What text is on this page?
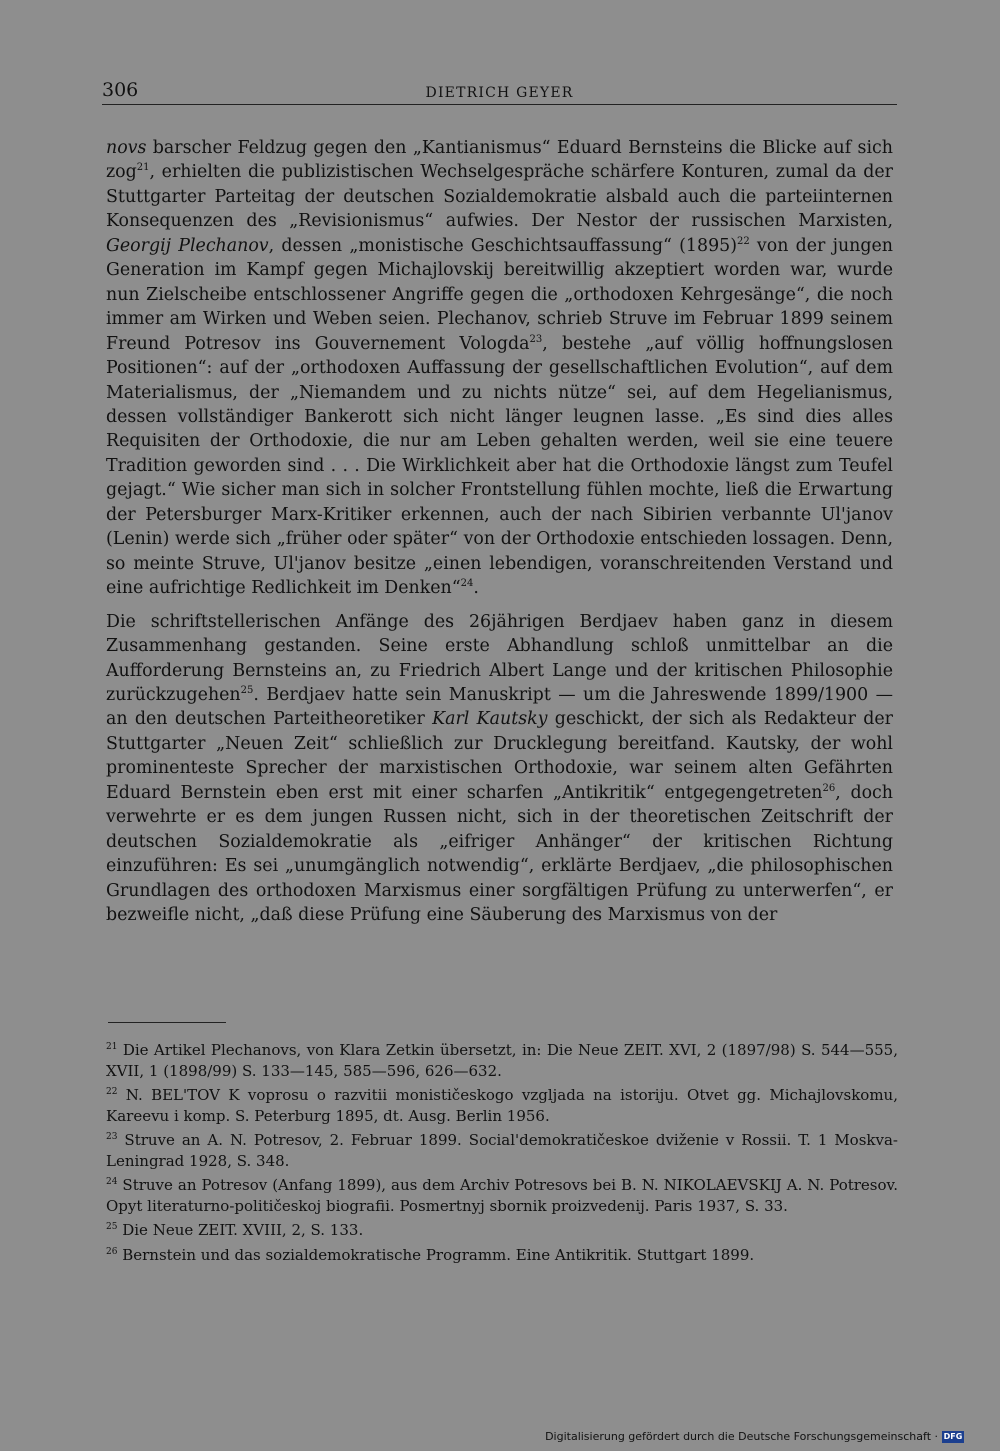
306	DIETRICH GEYER

novs barscher Feldzug gegen den „Kantianismus“ Eduard Bernsteins die Blicke auf sich zog$^{21}$, erhielten die publizistischen Wechselgespräche schärfere Konturen, zumal da der Stuttgarter Parteitag der deutschen Sozialdemokratie alsbald auch die parteiinternen Konsequenzen des „Revisionismus“ aufwies. Der Nestor der russischen Marxisten, Georgij Plechanov, dessen „monistische Geschichtsauffassung“ $(1895)^{22}$ von der jungen Generation im Kampf gegen Michajlovskij bereitwillig akzeptiert worden war, wurde nun Zielscheibe entschlossener Angriffe gegen die „orthodoxen Kehrgesänge“, die noch immer am Wirken und Weben seien. Plechanov, schrieb Struve im Februar 1899 seinem Freund Potresov ins Gouvernement Vologda$^{23}$, bestehe „auf völlig hoffnungslosen Positionen“: auf der „orthodoxen Auffassung der gesellschaftlichen Evolution“, auf dem Materialismus, der „Niemandem und zu nichts nütze“ sei, auf dem Hegelianismus, dessen vollständiger Bankerott sich nicht länger leugnen lasse. „Es sind dies alles Requisiten der Orthodoxie, die nur am Leben gehalten werden, weil sie eine teuere Tradition geworden sind . . . Die Wirklichkeit aber hat die Orthodoxie längst zum Teufel gejagt.“ Wie sicher man sich in solcher Frontstellung fühlen mochte, ließ die Erwartung der Petersburger Marx-Kritiker erkennen, auch der nach Sibirien verbannte Ul'janov (Lenin) werde sich „früher oder später“ von der Orthodoxie entschieden lossagen. Denn, so meinte Struve, Ul'janov besitze „einen lebendigen, voranschreitenden Verstand und eine aufrichtige Redlichkeit im Denken“$^{24}$.

Die schriftstellerischen Anfänge des 26jährigen Berdjaev haben ganz in diesem Zusammenhang gestanden. Seine erste Abhandlung schloß unmittelbar an die Aufforderung Bernsteins an, zu Friedrich Albert Lange und der kritischen Philosophie zurückzugehen$^{25}$. Berdjaev hatte sein Manuskript — um die Jahreswende 1899/1900 — an den deutschen Parteitheoretiker Karl Kautsky geschickt, der sich als Redakteur der Stuttgarter „Neuen Zeit“ schließlich zur Drucklegung bereitfand. Kautsky, der wohl prominenteste Sprecher der marxistischen Orthodoxie, war seinem alten Gefährten Eduard Bernstein eben erst mit einer scharfen „Antikritik“ entgegengetreten$^{26}$, doch verwehrte er es dem jungen Russen nicht, sich in der theoretischen Zeitschrift der deutschen Sozialdemokratie als „eifriger Anhänger“ der kritischen Richtung einzuführen: Es sei „unumgänglich notwendig“, erklärte Berdjaev, „die philosophischen Grundlagen des orthodoxen Marxismus einer sorgfältigen Prüfung zu unterwerfen“, er bezweifle nicht, „daß diese Prüfung eine Säuberung des Marxismus von der

$^{21}$ Die Artikel Plechanovs, von Klara Zetkin übersetzt, in: Die Neue ZEIT. XVI, 2 (1897/98) S. 544—555, XVII, 1 (1898/99) S. 133—145, 585—596, 626—632.

$^{22}$ N. BEL'TOV K voprosu o razvitii monističeskogo vzgljada na istoriju. Otvet gg. Michajlovskomu, Kareevu i komp. S. Peterburg 1895, dt. Ausg. Berlin 1956.

$^{23}$ Struve an A. N. Potresov, 2. Februar 1899. Social'demokratičeskoe dviženie v Rossii. T. 1 Moskva-Leningrad 1928, S. 348.

$^{24}$ Struve an Potresov (Anfang 1899), aus dem Archiv Potresovs bei B. N. NIKOLAEVSKIJ A. N. Potresov. Opyt literaturno-političeskoj biografii. Posmertnyj sbornik proizvedenij. Paris 1937, S. 33.

$^{25}$ Die Neue ZEIT. XVIII, 2, S. 133.

$^{26}$ Bernstein und das sozialdemokratische Programm. Eine Antikritik. Stuttgart 1899.

Digitalisierung gefördert durch die Deutsche Forschungsgemeinschaft · DFG
